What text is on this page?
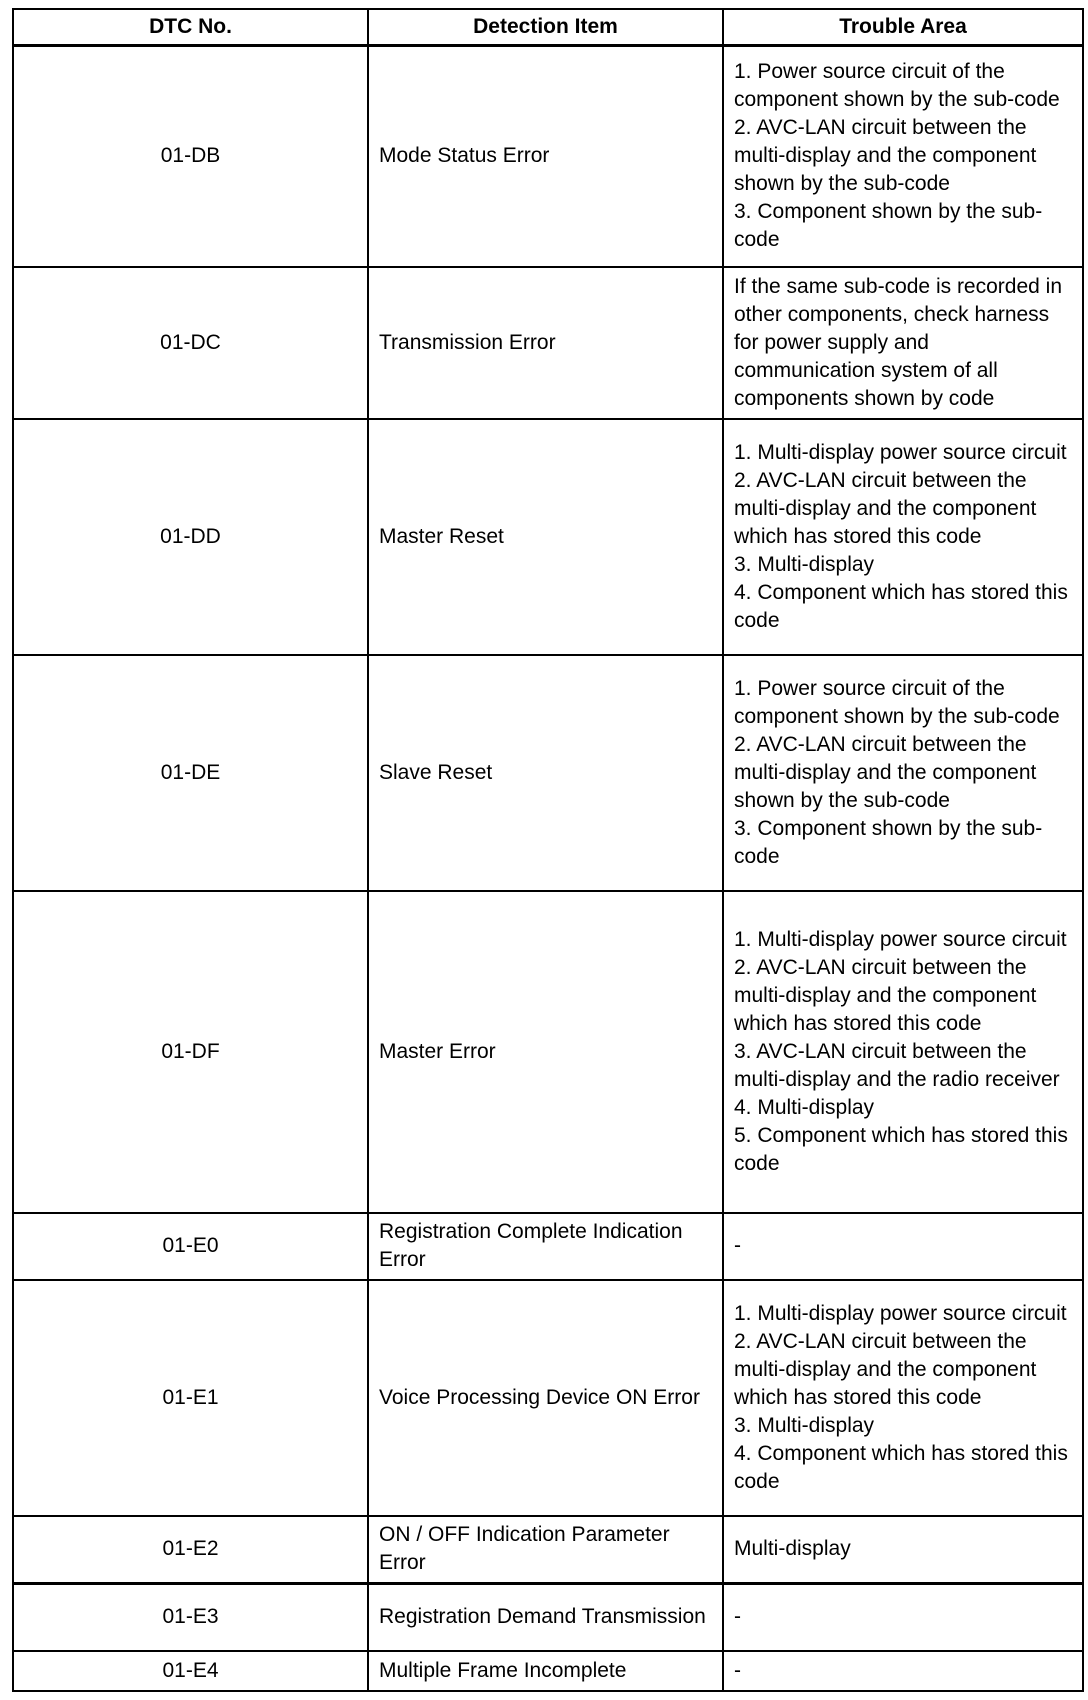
DTC No.	Detection Item	Trouble Area
01-DB	Mode Status Error	1. Power source circuit of the component shown by the sub-code
2. AVC-LAN circuit between the multi-display and the component shown by the sub-code
3. Component shown by the sub-code
01-DC	Transmission Error	If the same sub-code is recorded in other components, check harness for power supply and communication system of all components shown by code
01-DD	Master Reset	1. Multi-display power source circuit
2. AVC-LAN circuit between the multi-display and the component which has stored this code
3. Multi-display
4. Component which has stored this code
01-DE	Slave Reset	1. Power source circuit of the component shown by the sub-code
2. AVC-LAN circuit between the multi-display and the component shown by the sub-code
3. Component shown by the sub-code
01-DF	Master Error	1. Multi-display power source circuit
2. AVC-LAN circuit between the multi-display and the component which has stored this code
3. AVC-LAN circuit between the multi-display and the radio receiver
4. Multi-display
5. Component which has stored this code
01-E0	Registration Complete Indication Error	-
01-E1	Voice Processing Device ON Error	1. Multi-display power source circuit
2. AVC-LAN circuit between the multi-display and the component which has stored this code
3. Multi-display
4. Component which has stored this code
01-E2	ON / OFF Indication Parameter Error	Multi-display
01-E3	Registration Demand Transmission	-
01-E4	Multiple Frame Incomplete	-
